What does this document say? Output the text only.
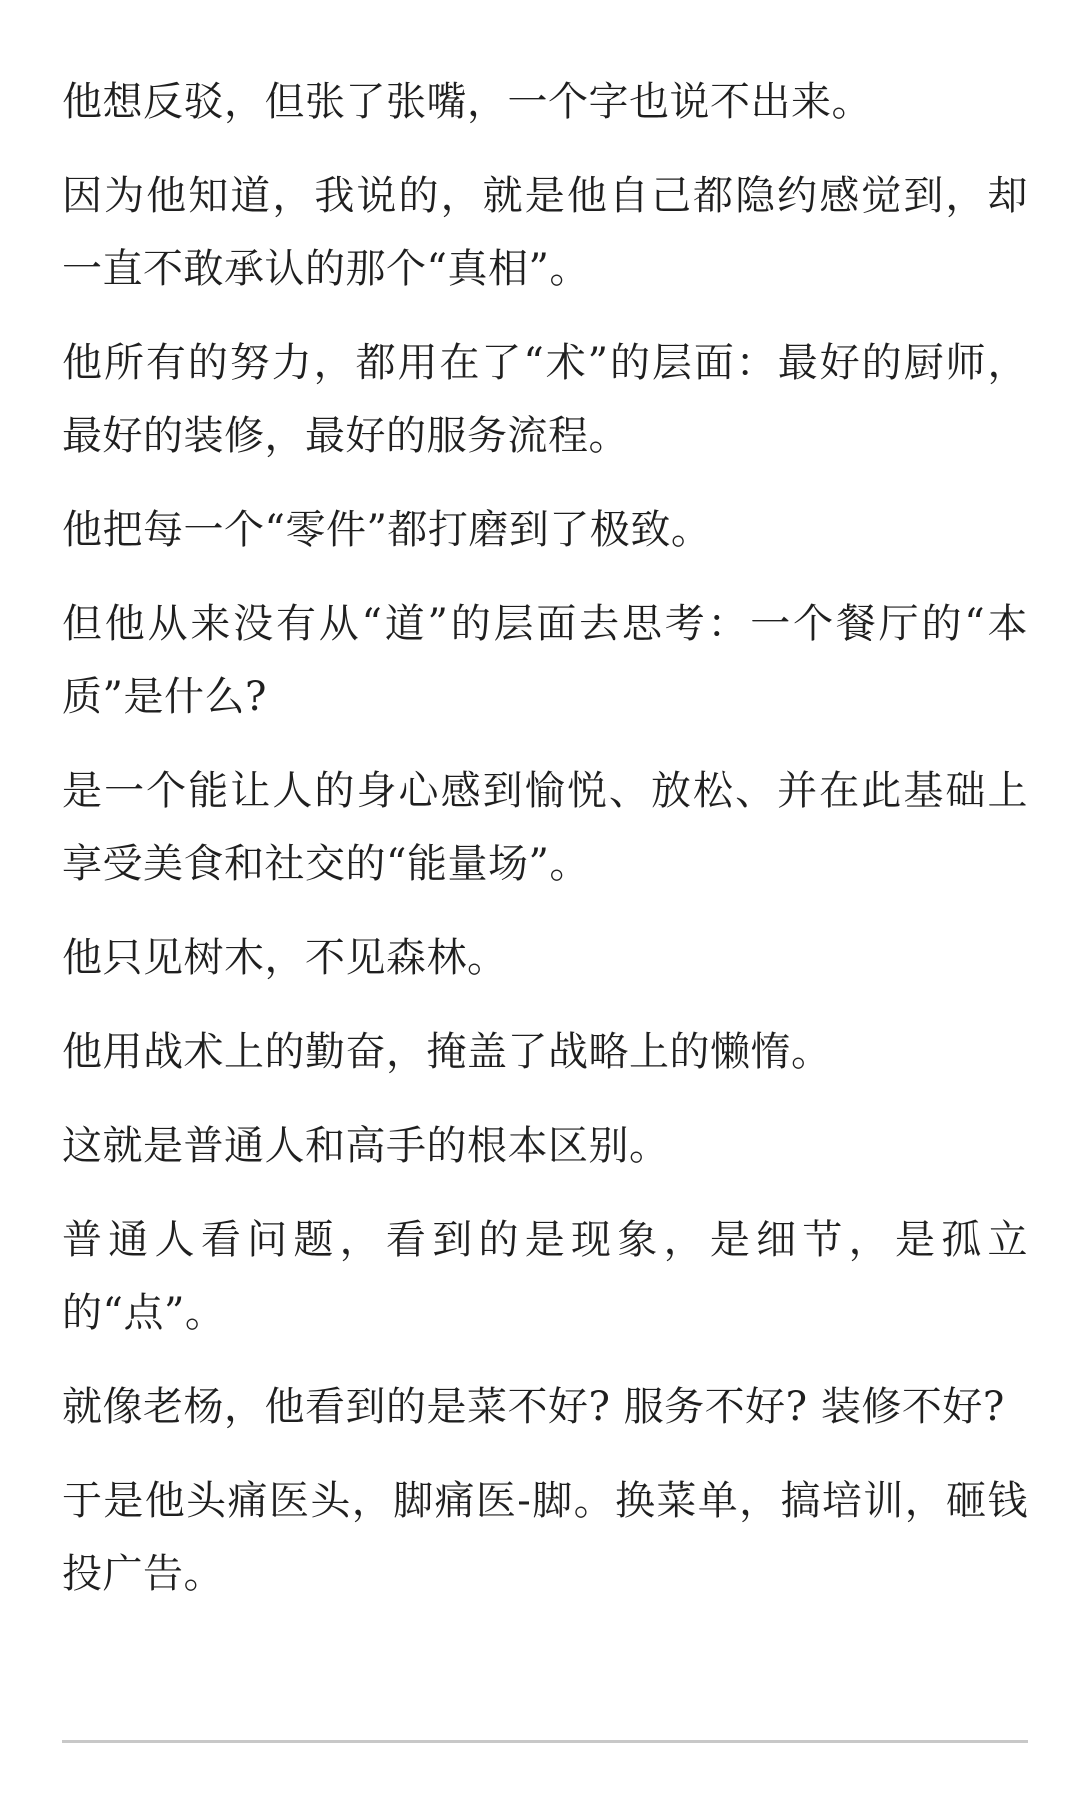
他想反驳，但张了张嘴，一个字也说不出来。

因为他知道，我说的，就是他自己都隐约感觉到，却一直不敢承认的那个“真相”。

他所有的努力，都用在了“术”的层面：最好的厨师，最好的装修，最好的服务流程。

他把每一个“零件”都打磨到了极致。

但他从来没有从“道”的层面去思考：一个餐厅的“本质”是什么?

是一个能让人的身心感到愉悦、放松、并在此基础上享受美食和社交的“能量场”。

他只见树木，不见森林。

他用战术上的勤奋，掩盖了战略上的懒惰。

这就是普通人和高手的根本区别。

普通人看问题，看到的是现象，是细节，是孤立的“点”。

就像老杨，他看到的是菜不好? 服务不好? 装修不好?

于是他头痛医头，脚痛医-脚。换菜单，搞培训，砸钱投广告。
